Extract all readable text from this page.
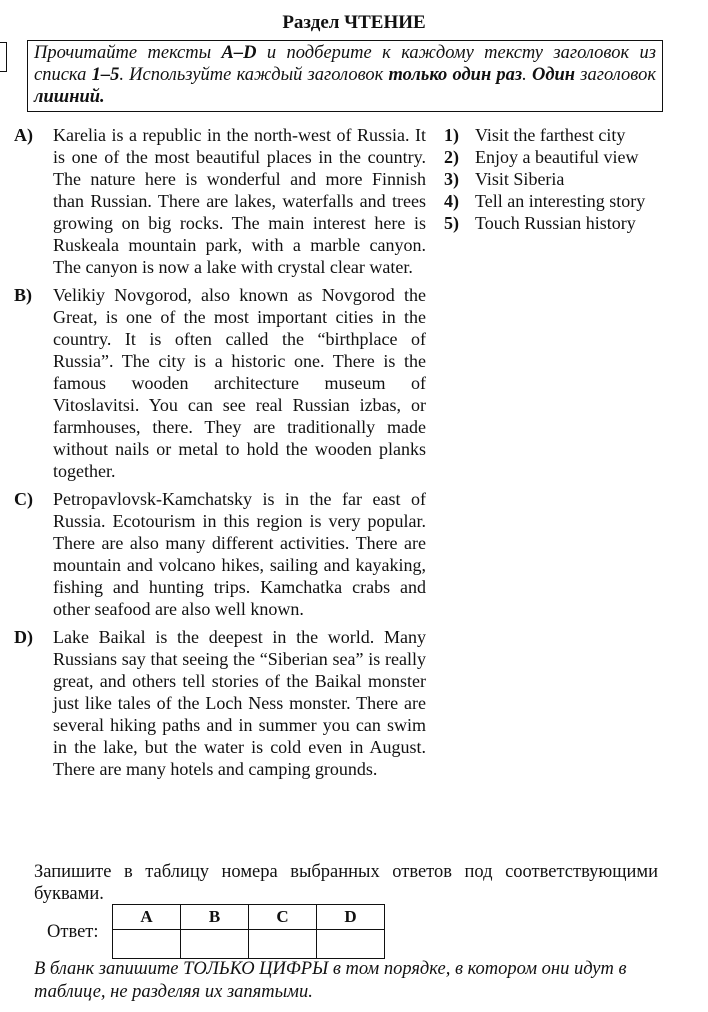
Раздел ЧТЕНИЕ
Прочитайте тексты A–D и подберите к каждому тексту заголовок из списка 1–5. Используйте каждый заголовок только один раз. Один заголовок лишний.
A) Karelia is a republic in the north-west of Russia. It is one of the most beautiful places in the country. The nature here is wonderful and more Finnish than Russian. There are lakes, waterfalls and trees growing on big rocks. The main interest here is Ruskeala mountain park, with a marble canyon. The canyon is now a lake with crystal clear water.
B) Velikiy Novgorod, also known as Novgorod the Great, is one of the most important cities in the country. It is often called the “birthplace of Russia”. The city is a historic one. There is the famous wooden architecture museum of Vitoslavitsi. You can see real Russian izbas, or farmhouses, there. They are traditionally made without nails or metal to hold the wooden planks together.
C) Petropavlovsk-Kamchatsky is in the far east of Russia. Ecotourism in this region is very popular. There are also many different activities. There are mountain and volcano hikes, sailing and kayaking, fishing and hunting trips. Kamchatka crabs and other seafood are also well known.
D) Lake Baikal is the deepest in the world. Many Russians say that seeing the “Siberian sea” is really great, and others tell stories of the Baikal monster just like tales of the Loch Ness monster. There are several hiking paths and in summer you can swim in the lake, but the water is cold even in August. There are many hotels and camping grounds.
1) Visit the farthest city
2) Enjoy a beautiful view
3) Visit Siberia
4) Tell an interesting story
5) Touch Russian history
Запишите в таблицу номера выбранных ответов под соответствующими буквами.
Ответ:
A	B	C	D

В бланк запишите ТОЛЬКО ЦИФРЫ в том порядке, в котором они идут в таблице, не разделяя их запятыми.
